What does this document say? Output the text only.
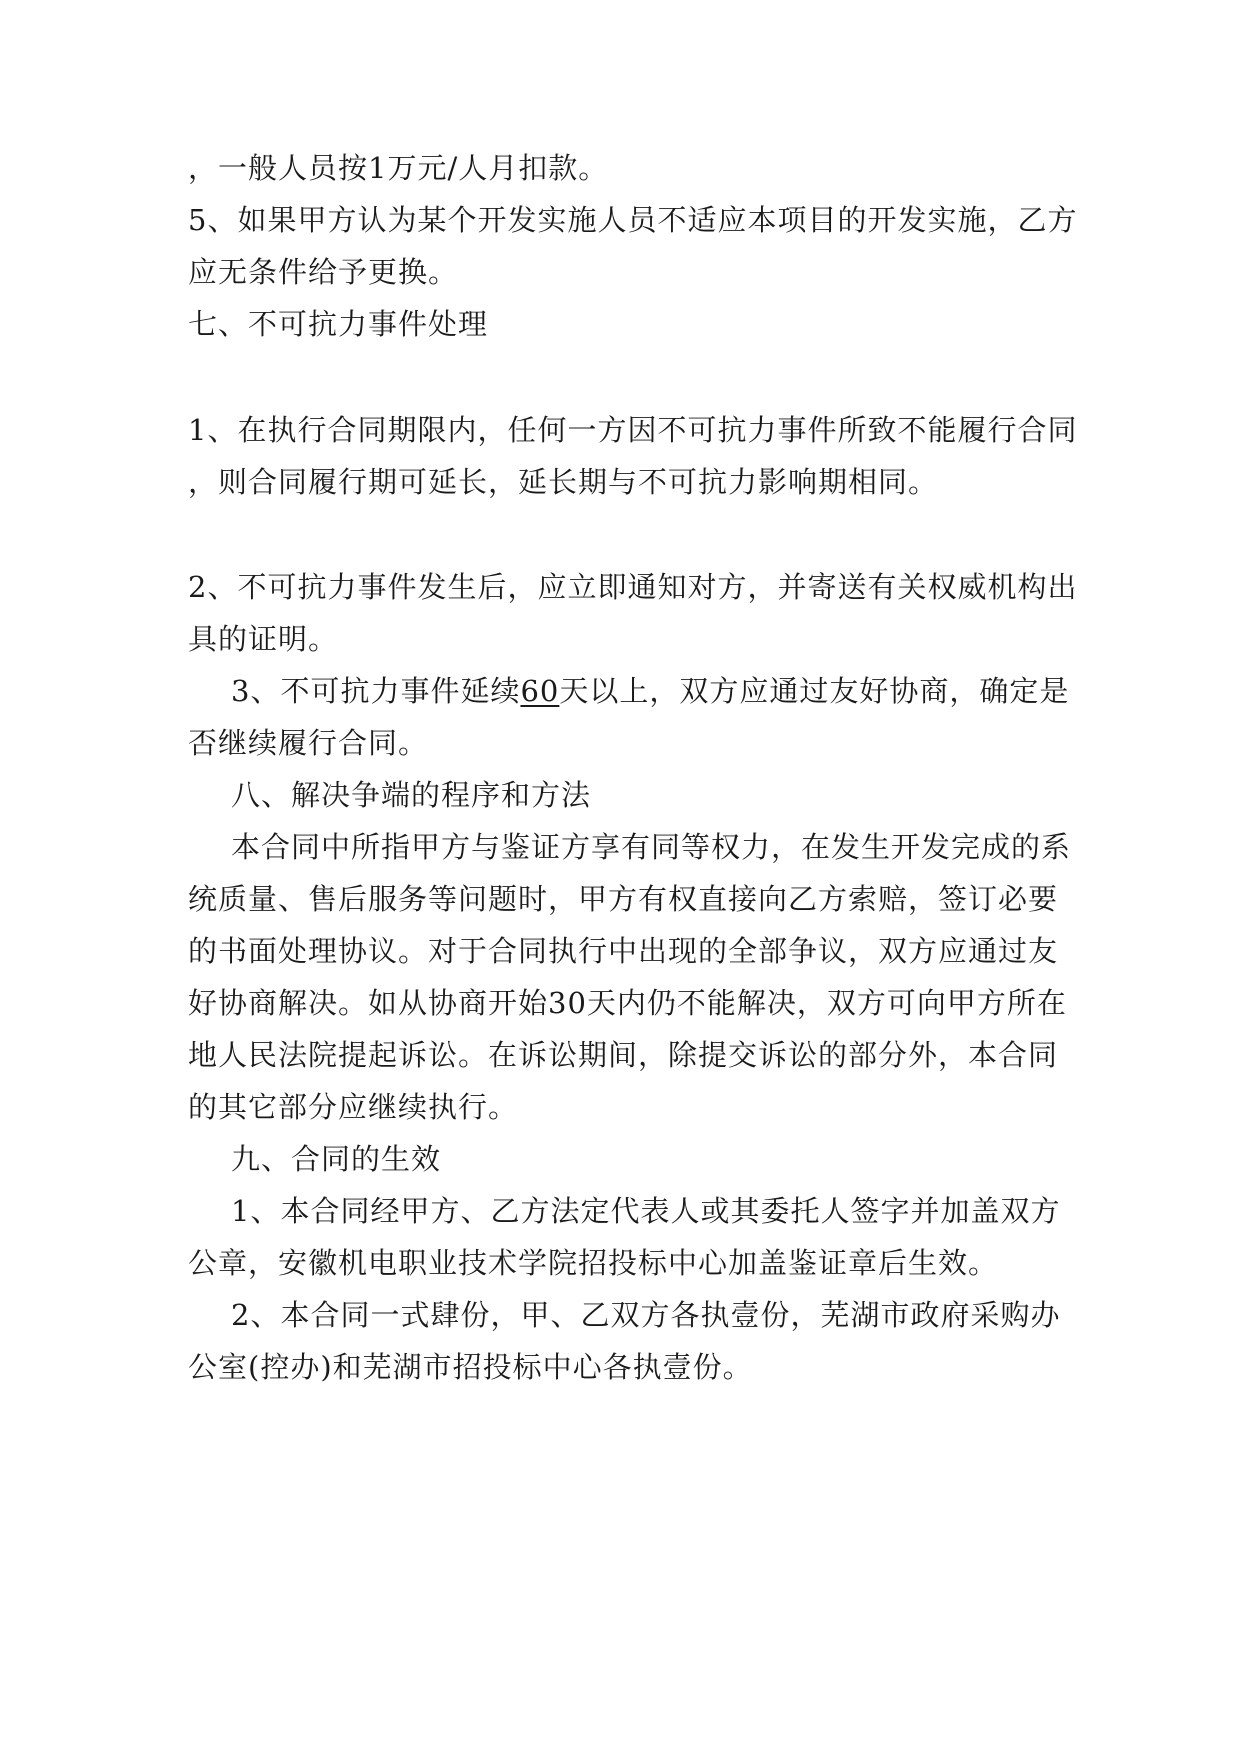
，一般人员按1万元/人月扣款。
5、如果甲方认为某个开发实施人员不适应本项目的开发实施，乙方
应无条件给予更换。
七、不可抗力事件处理
1、在执行合同期限内，任何一方因不可抗力事件所致不能履行合同
，则合同履行期可延长，延长期与不可抗力影响期相同。
2、不可抗力事件发生后，应立即通知对方，并寄送有关权威机构出
具的证明。
3、不可抗力事件延续60天以上，双方应通过友好协商，确定是
否继续履行合同。
八、解决争端的程序和方法
本合同中所指甲方与鉴证方享有同等权力，在发生开发完成的系
统质量、售后服务等问题时，甲方有权直接向乙方索赔，签订必要
的书面处理协议。对于合同执行中出现的全部争议，双方应通过友
好协商解决。如从协商开始30天内仍不能解决，双方可向甲方所在
地人民法院提起诉讼。在诉讼期间，除提交诉讼的部分外，本合同
的其它部分应继续执行。
九、合同的生效
1、本合同经甲方、乙方法定代表人或其委托人签字并加盖双方
公章，安徽机电职业技术学院招投标中心加盖鉴证章后生效。
2、本合同一式肆份，甲、乙双方各执壹份，芜湖市政府采购办
公室(控办)和芜湖市招投标中心各执壹份。
